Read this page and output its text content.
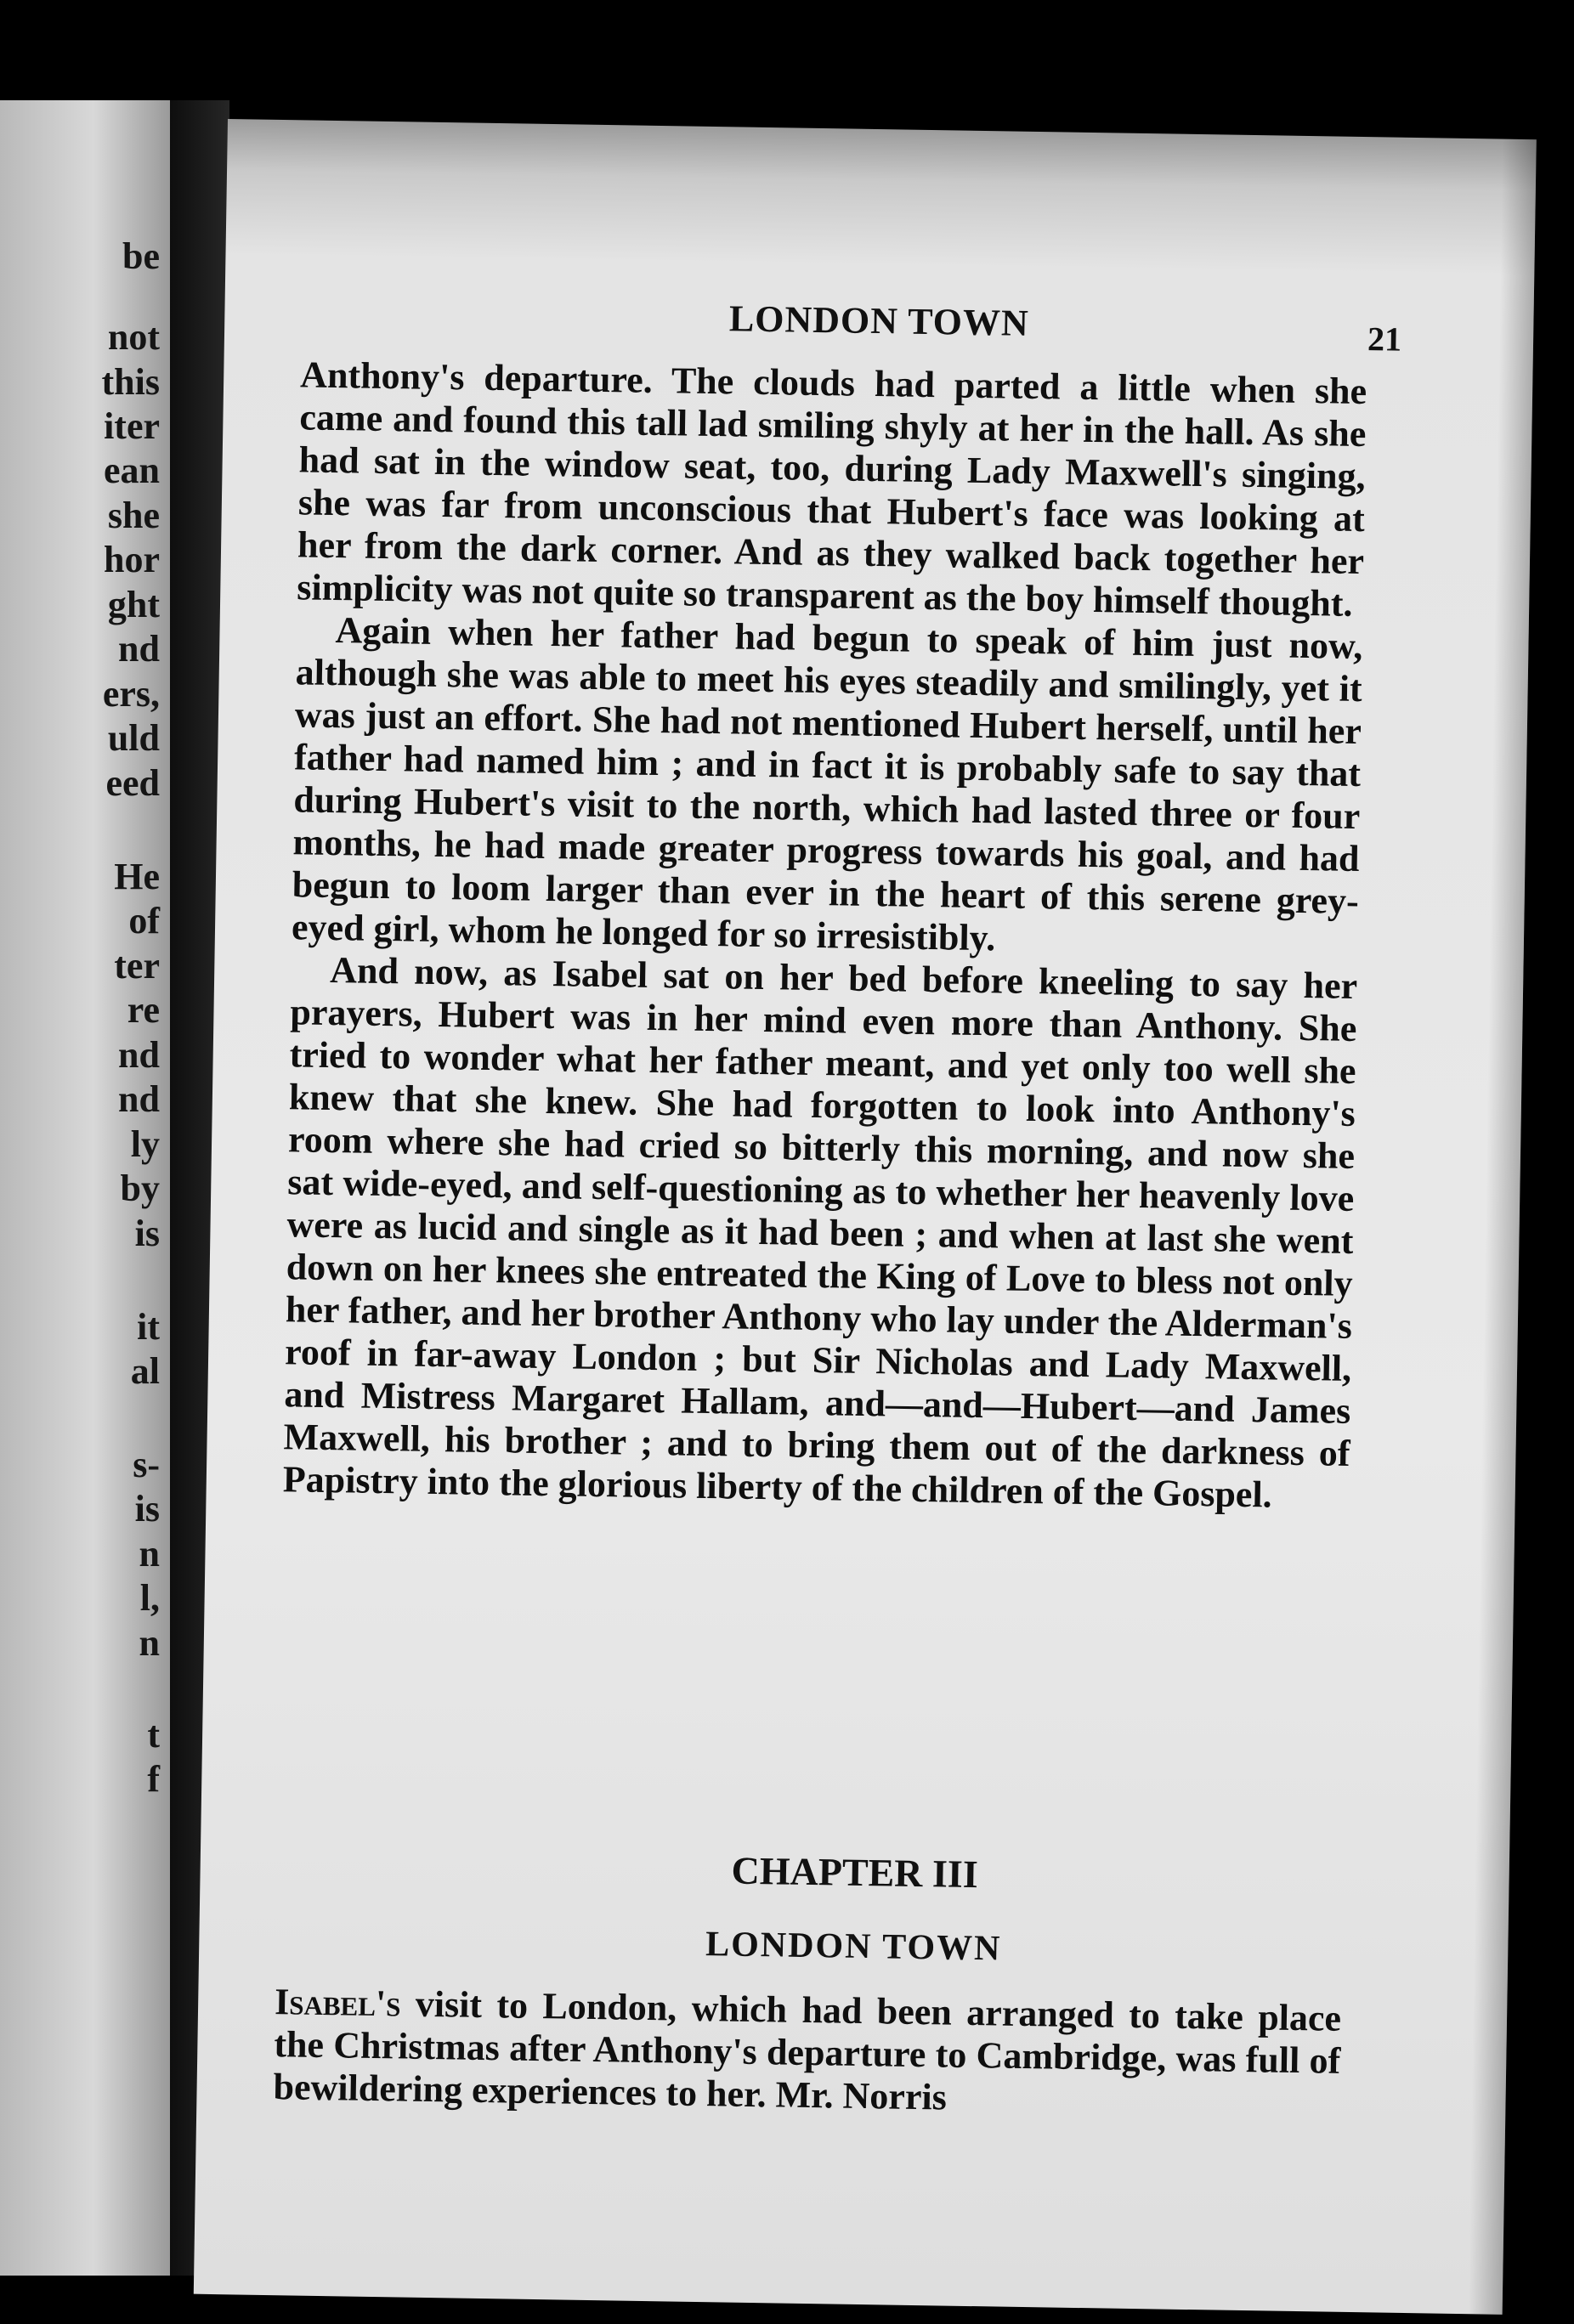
be
not
this
iter
ean
she
hor
ght
nd
ers,
uld
eed
He
of
ter
re
nd
nd
ly
by
is
it
al
s-
is
n
l,
n
t
f
LONDON TOWN	21

Anthony's departure. The clouds had parted a little when she came and found this tall lad smiling shyly at her in the hall. As she had sat in the window seat, too, during Lady Maxwell's singing, she was far from unconscious that Hubert's face was looking at her from the dark corner. And as they walked back together her simplicity was not quite so transparent as the boy himself thought.

Again when her father had begun to speak of him just now, although she was able to meet his eyes steadily and smilingly, yet it was just an effort. She had not mentioned Hubert herself, until her father had named him ; and in fact it is probably safe to say that during Hubert's visit to the north, which had lasted three or four months, he had made greater progress towards his goal, and had begun to loom larger than ever in the heart of this serene grey-eyed girl, whom he longed for so irresistibly.

And now, as Isabel sat on her bed before kneeling to say her prayers, Hubert was in her mind even more than Anthony. She tried to wonder what her father meant, and yet only too well she knew that she knew. She had forgotten to look into Anthony's room where she had cried so bitterly this morning, and now she sat wide-eyed, and self-questioning as to whether her heavenly love were as lucid and single as it had been ; and when at last she went down on her knees she entreated the King of Love to bless not only her father, and her brother Anthony who lay under the Alderman's roof in far-away London ; but Sir Nicholas and Lady Maxwell, and Mistress Margaret Hallam, and—and—Hubert—and James Maxwell, his brother ; and to bring them out of the darkness of Papistry into the glorious liberty of the children of the Gospel.

CHAPTER III
LONDON TOWN

Isabel's visit to London, which had been arranged to take place the Christmas after Anthony's departure to Cambridge, was full of bewildering experiences to her. Mr. Norris
